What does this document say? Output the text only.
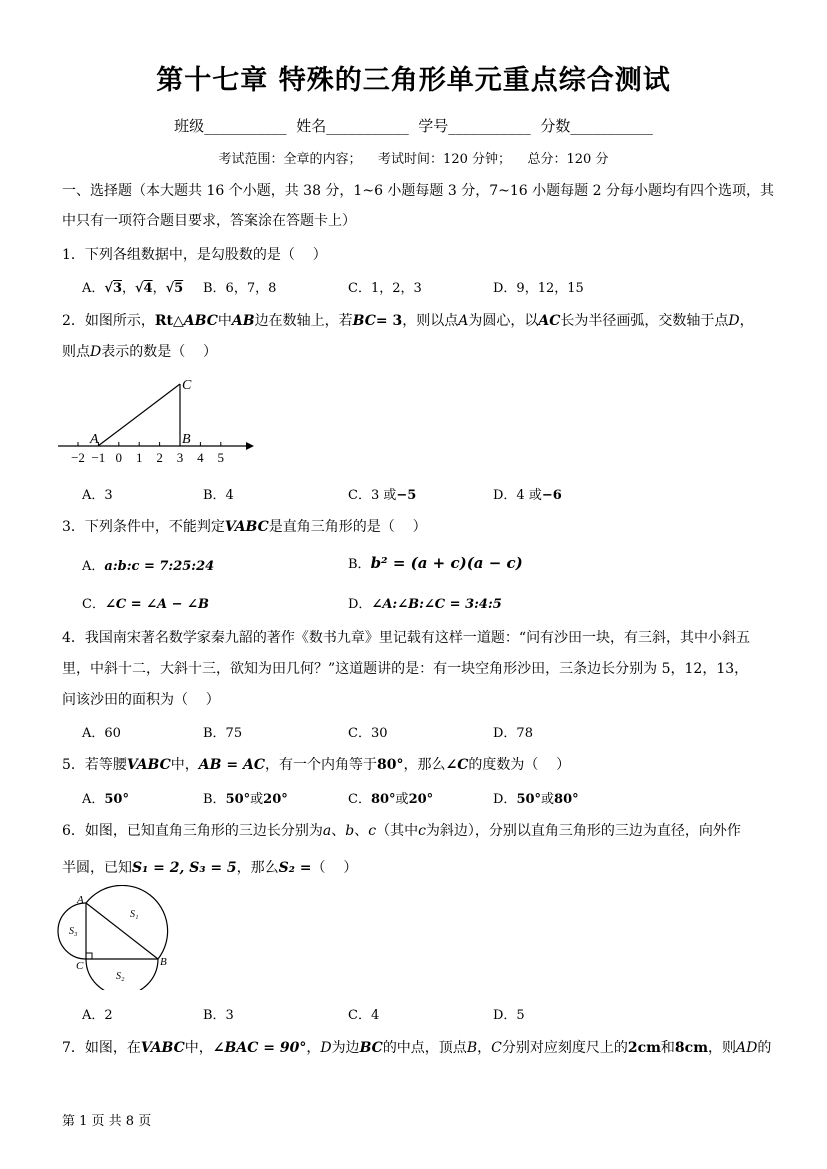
第十七章 特殊的三角形单元重点综合测试
班级___________ 姓名___________ 学号___________ 分数___________
考试范围：全章的内容；    考试时间：120 分钟；    总分：120 分
一、选择题（本大题共 16 个小题，共 38 分，1~6 小题每题 3 分，7~16 小题每题 2 分每小题均有四个选项，其
中只有一项符合题目要求，答案涂在答题卡上）
1．下列各组数据中，是勾股数的是（    ）
A．√3，√4，√5 B．6，7，8	C．1，2，3	D．9，12，15
2．如图所示，Rt△ABC中AB边在数轴上，若BC= 3，则以点A为圆心，以AC长为半径画弧，交数轴于点D，
则点D表示的数是（    ）
−2 −1 0 1 2 3 4 5
C
A	B
A．3	B．4	C．3 或−5	D．4 或−6
3．下列条件中，不能判定VABC是直角三角形的是（    ）
A．a:b:c = 7:25:24	B．b² = (a + c)(a − c)
C．∠C = ∠A − ∠B	D．∠A:∠B:∠C = 3:4:5
4．我国南宋著名数学家秦九韶的著作《数书九章》里记载有这样一道题：“问有沙田一块，有三斜，其中小斜五
里，中斜十二，大斜十三，欲知为田几何？”这道题讲的是：有一块空角形沙田，三条边长分别为 5，12，13，
问该沙田的面积为（    ）
A．60	B．75	C．30	D．78
5．若等腰VABC中，AB = AC，有一个内角等于80°，那么∠C的度数为（    ）
A．50°	B．50°或20°	C．80°或20°	D．50°或80°
6．如图，已知直角三角形的三边长分别为a、b、c（其中c为斜边），分别以直角三角形的三边为直径，向外作
半圆，已知S₁ = 2, S₃ = 5，那么S₂ =（    ）
A
C	B
S₁
S₂
S₃
A．2	B．3	C．4	D．5
7．如图，在VABC中，∠BAC = 90°，D为边BC的中点，顶点B，C分别对应刻度尺上的2cm和8cm，则AD的
第 1 页 共 8 页
